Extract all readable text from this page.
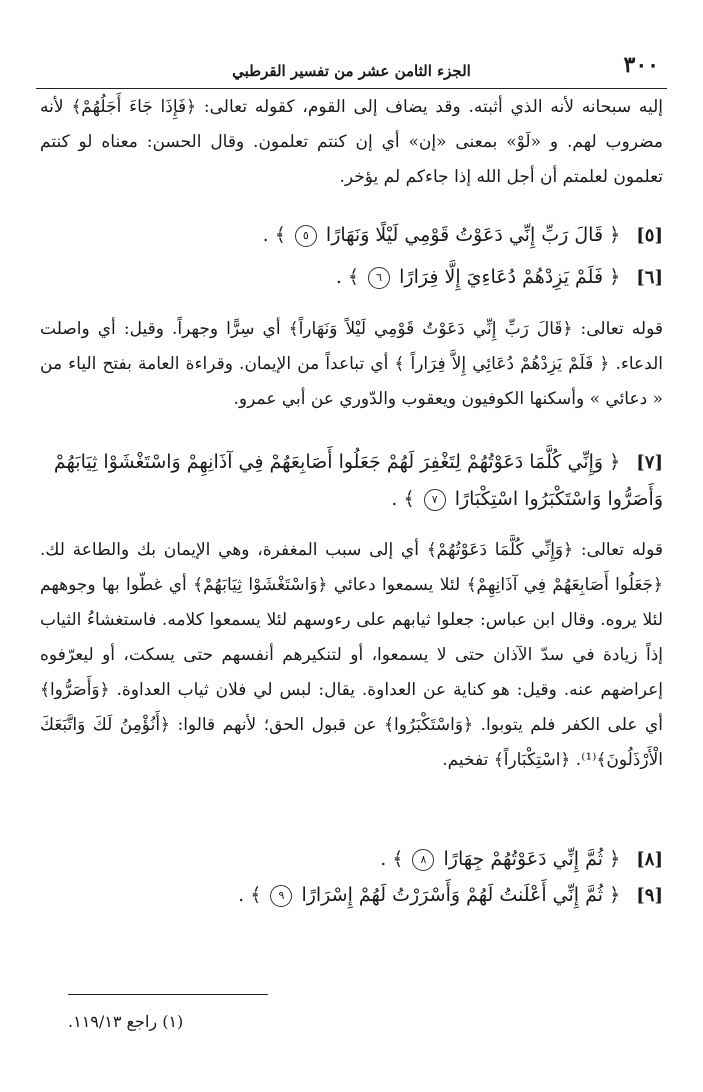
٣٠٠
الجزء الثامن عشر من تفسير القرطبي
إليه سبحانه لأنه الذي أثبته. وقد يضاف إلى القوم، كقوله تعالى: ﴿فَإِذَا جَاءَ أَجَلُهُمْ﴾ لأنه مضروب لهم. و «لَوْ» بمعنى «إن» أي إن كنتم تعلمون. وقال الحسن: معناه لو كنتم تعلمون لعلمتم أن أجل الله إذا جاءكم لم يؤخر.
[٥] ﴿ قَالَ رَبِّ إِنِّي دَعَوْتُ قَوْمِي لَيْلًا وَنَهَارًا ٥ ﴾ .
[٦] ﴿ فَلَمْ يَزِدْهُمْ دُعَاءِيَ إِلَّا فِرَارًا ٦ ﴾ .
قوله تعالى: ﴿قَالَ رَبِّ إِنِّي دَعَوْتُ قَوْمِي لَيْلاً وَنَهَاراً﴾ أي سِرًّا وجهراً. وقيل: أي واصلت الدعاء. ﴿ فَلَمْ يَزِدْهُمْ دُعَائِي إِلاَّ فِرَاراً ﴾ أي تباعداً من الإيمان. وقراءة العامة بفتح الياء من « دعائي » وأسكنها الكوفيون ويعقوب والدّوري عن أبي عمرو.
[٧] ﴿ وَإِنِّي كُلَّمَا دَعَوْتُهُمْ لِتَغْفِرَ لَهُمْ جَعَلُوا أَصَابِعَهُمْ فِي آذَانِهِمْ وَاسْتَغْشَوْا ثِيَابَهُمْ وَأَصَرُّوا وَاسْتَكْبَرُوا اسْتِكْبَارًا ٧ ﴾ .
قوله تعالى: ﴿وَإِنِّي كُلَّمَا دَعَوْتُهُمْ﴾ أي إلى سبب المغفرة، وهي الإيمان بك والطاعة لك. ﴿جَعَلُوا أَصَابِعَهُمْ فِي آذَانِهِمْ﴾ لئلا يسمعوا دعائي ﴿وَاسْتَغْشَوْا ثِيَابَهُمْ﴾ أي غطّوا بها وجوههم لئلا يروه. وقال ابن عباس: جعلوا ثيابهم على رءوسهم لئلا يسمعوا كلامه. فاستغشاءُ الثياب إذاً زيادة في سدّ الآذان حتى لا يسمعوا، أو لتنكيرهم أنفسهم حتى يسكت، أو ليعرّفوه إعراضهم عنه. وقيل: هو كناية عن العداوة. يقال: لبس لي فلان ثياب العداوة. ﴿وَأَصَرُّوا﴾ أي على الكفر فلم يتوبوا. ﴿وَاسْتَكْبَرُوا﴾ عن قبول الحق؛ لأنهم قالوا: ﴿أَنُؤْمِنُ لَكَ وَاتَّبَعَكَ الْأَرْذَلُونَ﴾⁽¹⁾. ﴿اسْتِكْبَاراً﴾ تفخيم.
[٨] ﴿ ثُمَّ إِنِّي دَعَوْتُهُمْ جِهَارًا ٨ ﴾ .
[٩] ﴿ ثُمَّ إِنِّي أَعْلَنتُ لَهُمْ وَأَسْرَرْتُ لَهُمْ إِسْرَارًا ٩ ﴾ .
(١) راجع ١١٩/١٣.
